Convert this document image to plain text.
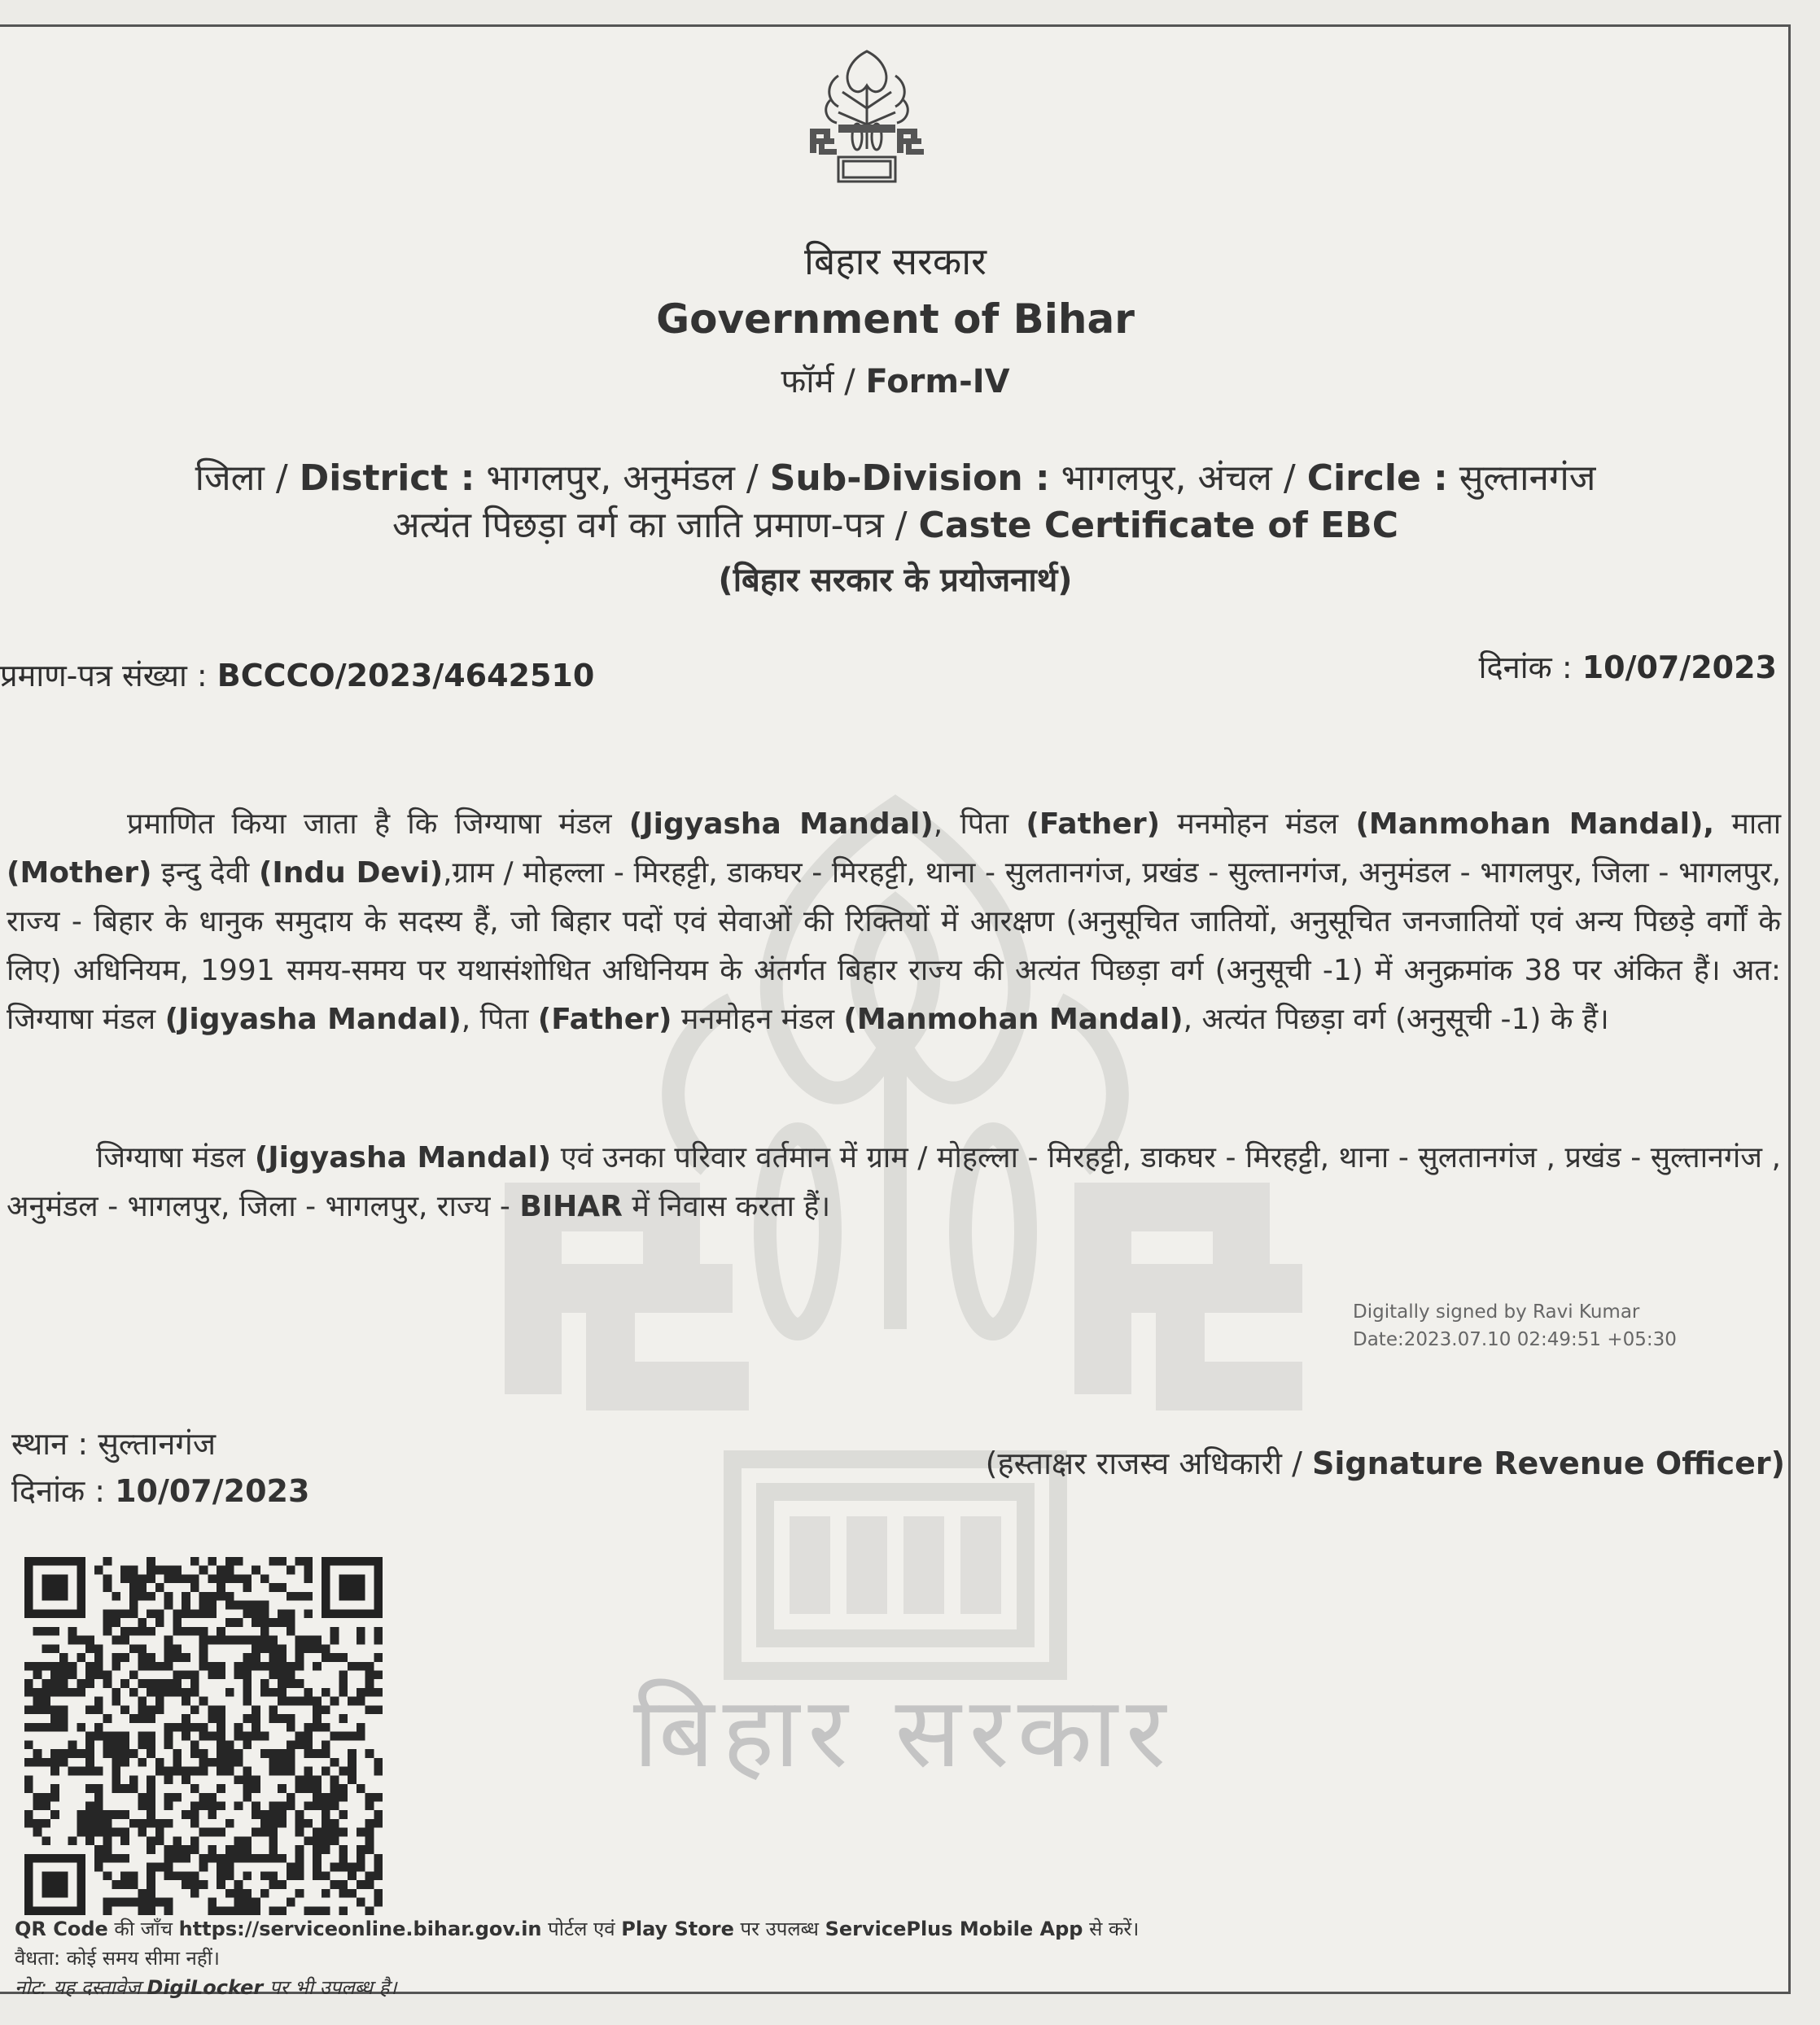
बिहार सरकार
बिहार सरकार
Government of Bihar
फॉर्म / Form-IV
जिला / District : भागलपुर, अनुमंडल / Sub-Division : भागलपुर, अंचल / Circle : सुल्तानगंज
अत्यंत पिछड़ा वर्ग का जाति प्रमाण-पत्र / Caste Certificate of EBC
(बिहार सरकार के प्रयोजनार्थ)
प्रमाण-पत्र संख्या : BCCCO/2023/4642510	दिनांक : 10/07/2023
प्रमाणित किया जाता है कि जिग्याषा मंडल (Jigyasha Mandal), पिता (Father) मनमोहन मंडल (Manmohan Mandal), माता (Mother) इन्दु देवी (Indu Devi),ग्राम / मोहल्ला - मिरहट्टी, डाकघर - मिरहट्टी, थाना - सुलतानगंज, प्रखंड - सुल्तानगंज, अनुमंडल - भागलपुर, जिला - भागलपुर, राज्य - बिहार के धानुक समुदाय के सदस्य हैं, जो बिहार पदों एवं सेवाओं की रिक्तियों में आरक्षण (अनुसूचित जातियों, अनुसूचित जनजातियों एवं अन्य पिछड़े वर्गों के लिए) अधिनियम, 1991 समय-समय पर यथासंशोधित अधिनियम के अंतर्गत बिहार राज्य की अत्यंत पिछड़ा वर्ग (अनुसूची -1) में अनुक्रमांक 38 पर अंकित हैं। अत: जिग्याषा मंडल (Jigyasha Mandal), पिता (Father) मनमोहन मंडल (Manmohan Mandal), अत्यंत पिछड़ा वर्ग (अनुसूची -1) के हैं।
जिग्याषा मंडल (Jigyasha Mandal) एवं उनका परिवार वर्तमान में ग्राम / मोहल्ला - मिरहट्टी, डाकघर - मिरहट्टी, थाना - सुलतानगंज , प्रखंड - सुल्तानगंज , अनुमंडल - भागलपुर, जिला - भागलपुर, राज्य - BIHAR में निवास करता हैं।
Digitally signed by Ravi Kumar
Date:2023.07.10 02:49:51 +05:30
स्थान : सुल्तानगंज
दिनांक : 10/07/2023
(हस्ताक्षर राजस्व अधिकारी / Signature Revenue Officer)
QR Code की जाँच https://serviceonline.bihar.gov.in पोर्टल एवं Play Store पर उपलब्ध ServicePlus Mobile App से करें।
वैधता: कोई समय सीमा नहीं।
नोट: यह दस्तावेज DigiLocker पर भी उपलब्ध है।
